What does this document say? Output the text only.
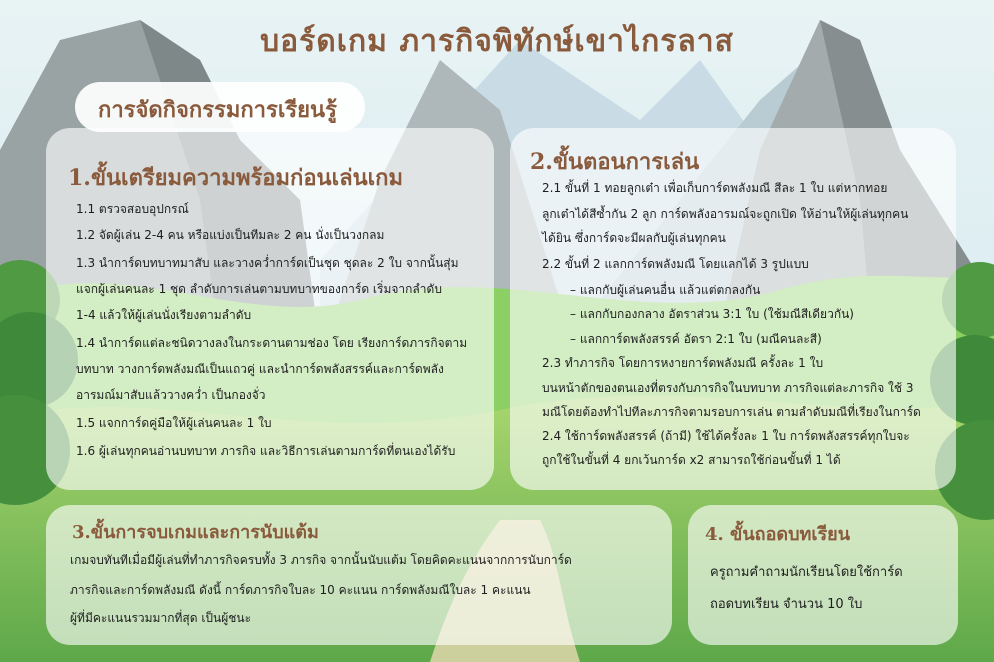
บอร์ดเกม ภารกิจพิทักษ์เขาไกรลาส
การจัดกิจกรรมการเรียนรู้
1.ขั้นเตรียมความพร้อมก่อนเล่นเกม
1.1 ตรวจสอบอุปกรณ์
1.2 จัดผู้เล่น 2-4 คน หรือแบ่งเป็นทีมละ 2 คน นั่งเป็นวงกลม
1.3 นำการ์ดบทบาทมาสับ และวางคว่ำการ์ดเป็นชุด ชุดละ 2 ใบ จากนั้นสุ่ม
แจกผู้เล่นคนละ 1 ชุด ลำดับการเล่นตามบทบาทของการ์ด เริ่มจากลำดับ
1-4 แล้วให้ผู้เล่นนั่งเรียงตามลำดับ
1.4 นำการ์ดแต่ละชนิดวางลงในกระดานตามช่อง โดย เรียงการ์ดภารกิจตาม
บทบาท วางการ์ดพลังมณีเป็นแถวคู่ และนำการ์ดพลังสรรค์และการ์ดพลัง
อารมณ์มาสับแล้ววางคว่ำ เป็นกองจั่ว
1.5 แจกการ์ดคู่มือให้ผู้เล่นคนละ 1 ใบ
1.6 ผู้เล่นทุกคนอ่านบทบาท ภารกิจ และวิธีการเล่นตามการ์ดที่ตนเองได้รับ
2.ขั้นตอนการเล่น
2.1 ขั้นที่ 1 ทอยลูกเต๋า เพื่อเก็บการ์ดพลังมณี สีละ 1 ใบ แต่หากทอย
ลูกเต๋าได้สีซ้ำกัน 2 ลูก การ์ดพลังอารมณ์จะถูกเปิด ให้อ่านให้ผู้เล่นทุกคน
ได้ยิน ซึ่งการ์ดจะมีผลกับผู้เล่นทุกคน
2.2 ขั้นที่ 2 แลกการ์ดพลังมณี โดยแลกได้ 3 รูปแบบ
– แลกกับผู้เล่นคนอื่น แล้วแต่ตกลงกัน
– แลกกับกองกลาง อัตราส่วน 3:1 ใบ (ใช้มณีสีเดียวกัน)
– แลกการ์ดพลังสรรค์ อัตรา 2:1 ใบ (มณีคนละสี)
2.3 ทำภารกิจ โดยการหงายการ์ดพลังมณี ครั้งละ 1 ใบ
บนหน้าตักของตนเองที่ตรงกับภารกิจในบทบาท ภารกิจแต่ละภารกิจ ใช้ 3
มณีโดยต้องทำไปทีละภารกิจตามรอบการเล่น ตามลำดับมณีที่เรียงในการ์ด
2.4 ใช้การ์ดพลังสรรค์ (ถ้ามี) ใช้ได้ครั้งละ 1 ใบ การ์ดพลังสรรค์ทุกใบจะ
ถูกใช้ในขั้นที่ 4 ยกเว้นการ์ด x2 สามารถใช้ก่อนขั้นที่ 1 ได้
3.ขั้นการจบเกมและการนับแต้ม
เกมจบทันทีเมื่อมีผู้เล่นที่ทำภารกิจครบทั้ง 3 ภารกิจ จากนั้นนับแต้ม โดยคิดคะแนนจากการนับการ์ด
ภารกิจและการ์ดพลังมณี ดังนี้ การ์ดภารกิจใบละ 10 คะแนน การ์ดพลังมณีใบละ 1 คะแนน
ผู้ที่มีคะแนนรวมมากที่สุด เป็นผู้ชนะ
4. ขั้นถอดบทเรียน
ครูถามคำถามนักเรียนโดยใช้การ์ด
ถอดบทเรียน จำนวน 10 ใบ
